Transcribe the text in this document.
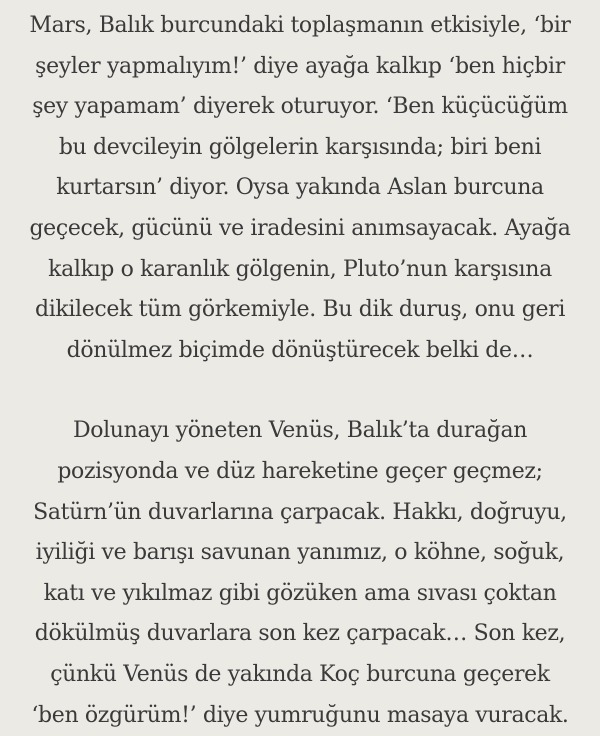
Mars, Balık burcundaki toplaşmanın etkisiyle, ‘bir
şeyler yapmalıyım!’ diye ayağa kalkıp ‘ben hiçbir
şey yapamam’ diyerek oturuyor. ‘Ben küçücüğüm
bu devcileyin gölgelerin karşısında; biri beni
kurtarsın’ diyor. Oysa yakında Aslan burcuna
geçecek, gücünü ve iradesini anımsayacak. Ayağa
kalkıp o karanlık gölgenin, Pluto’nun karşısına
dikilecek tüm görkemiyle. Bu dik duruş, onu geri
dönülmez biçimde dönüştürecek belki de…
Dolunayı yöneten Venüs, Balık’ta durağan
pozisyonda ve düz hareketine geçer geçmez;
Satürn’ün duvarlarına çarpacak. Hakkı, doğruyu,
iyiliği ve barışı savunan yanımız, o köhne, soğuk,
katı ve yıkılmaz gibi gözüken ama sıvası çoktan
dökülmüş duvarlara son kez çarpacak… Son kez,
çünkü Venüs de yakında Koç burcuna geçerek
‘ben özgürüm!’ diye yumruğunu masaya vuracak.
